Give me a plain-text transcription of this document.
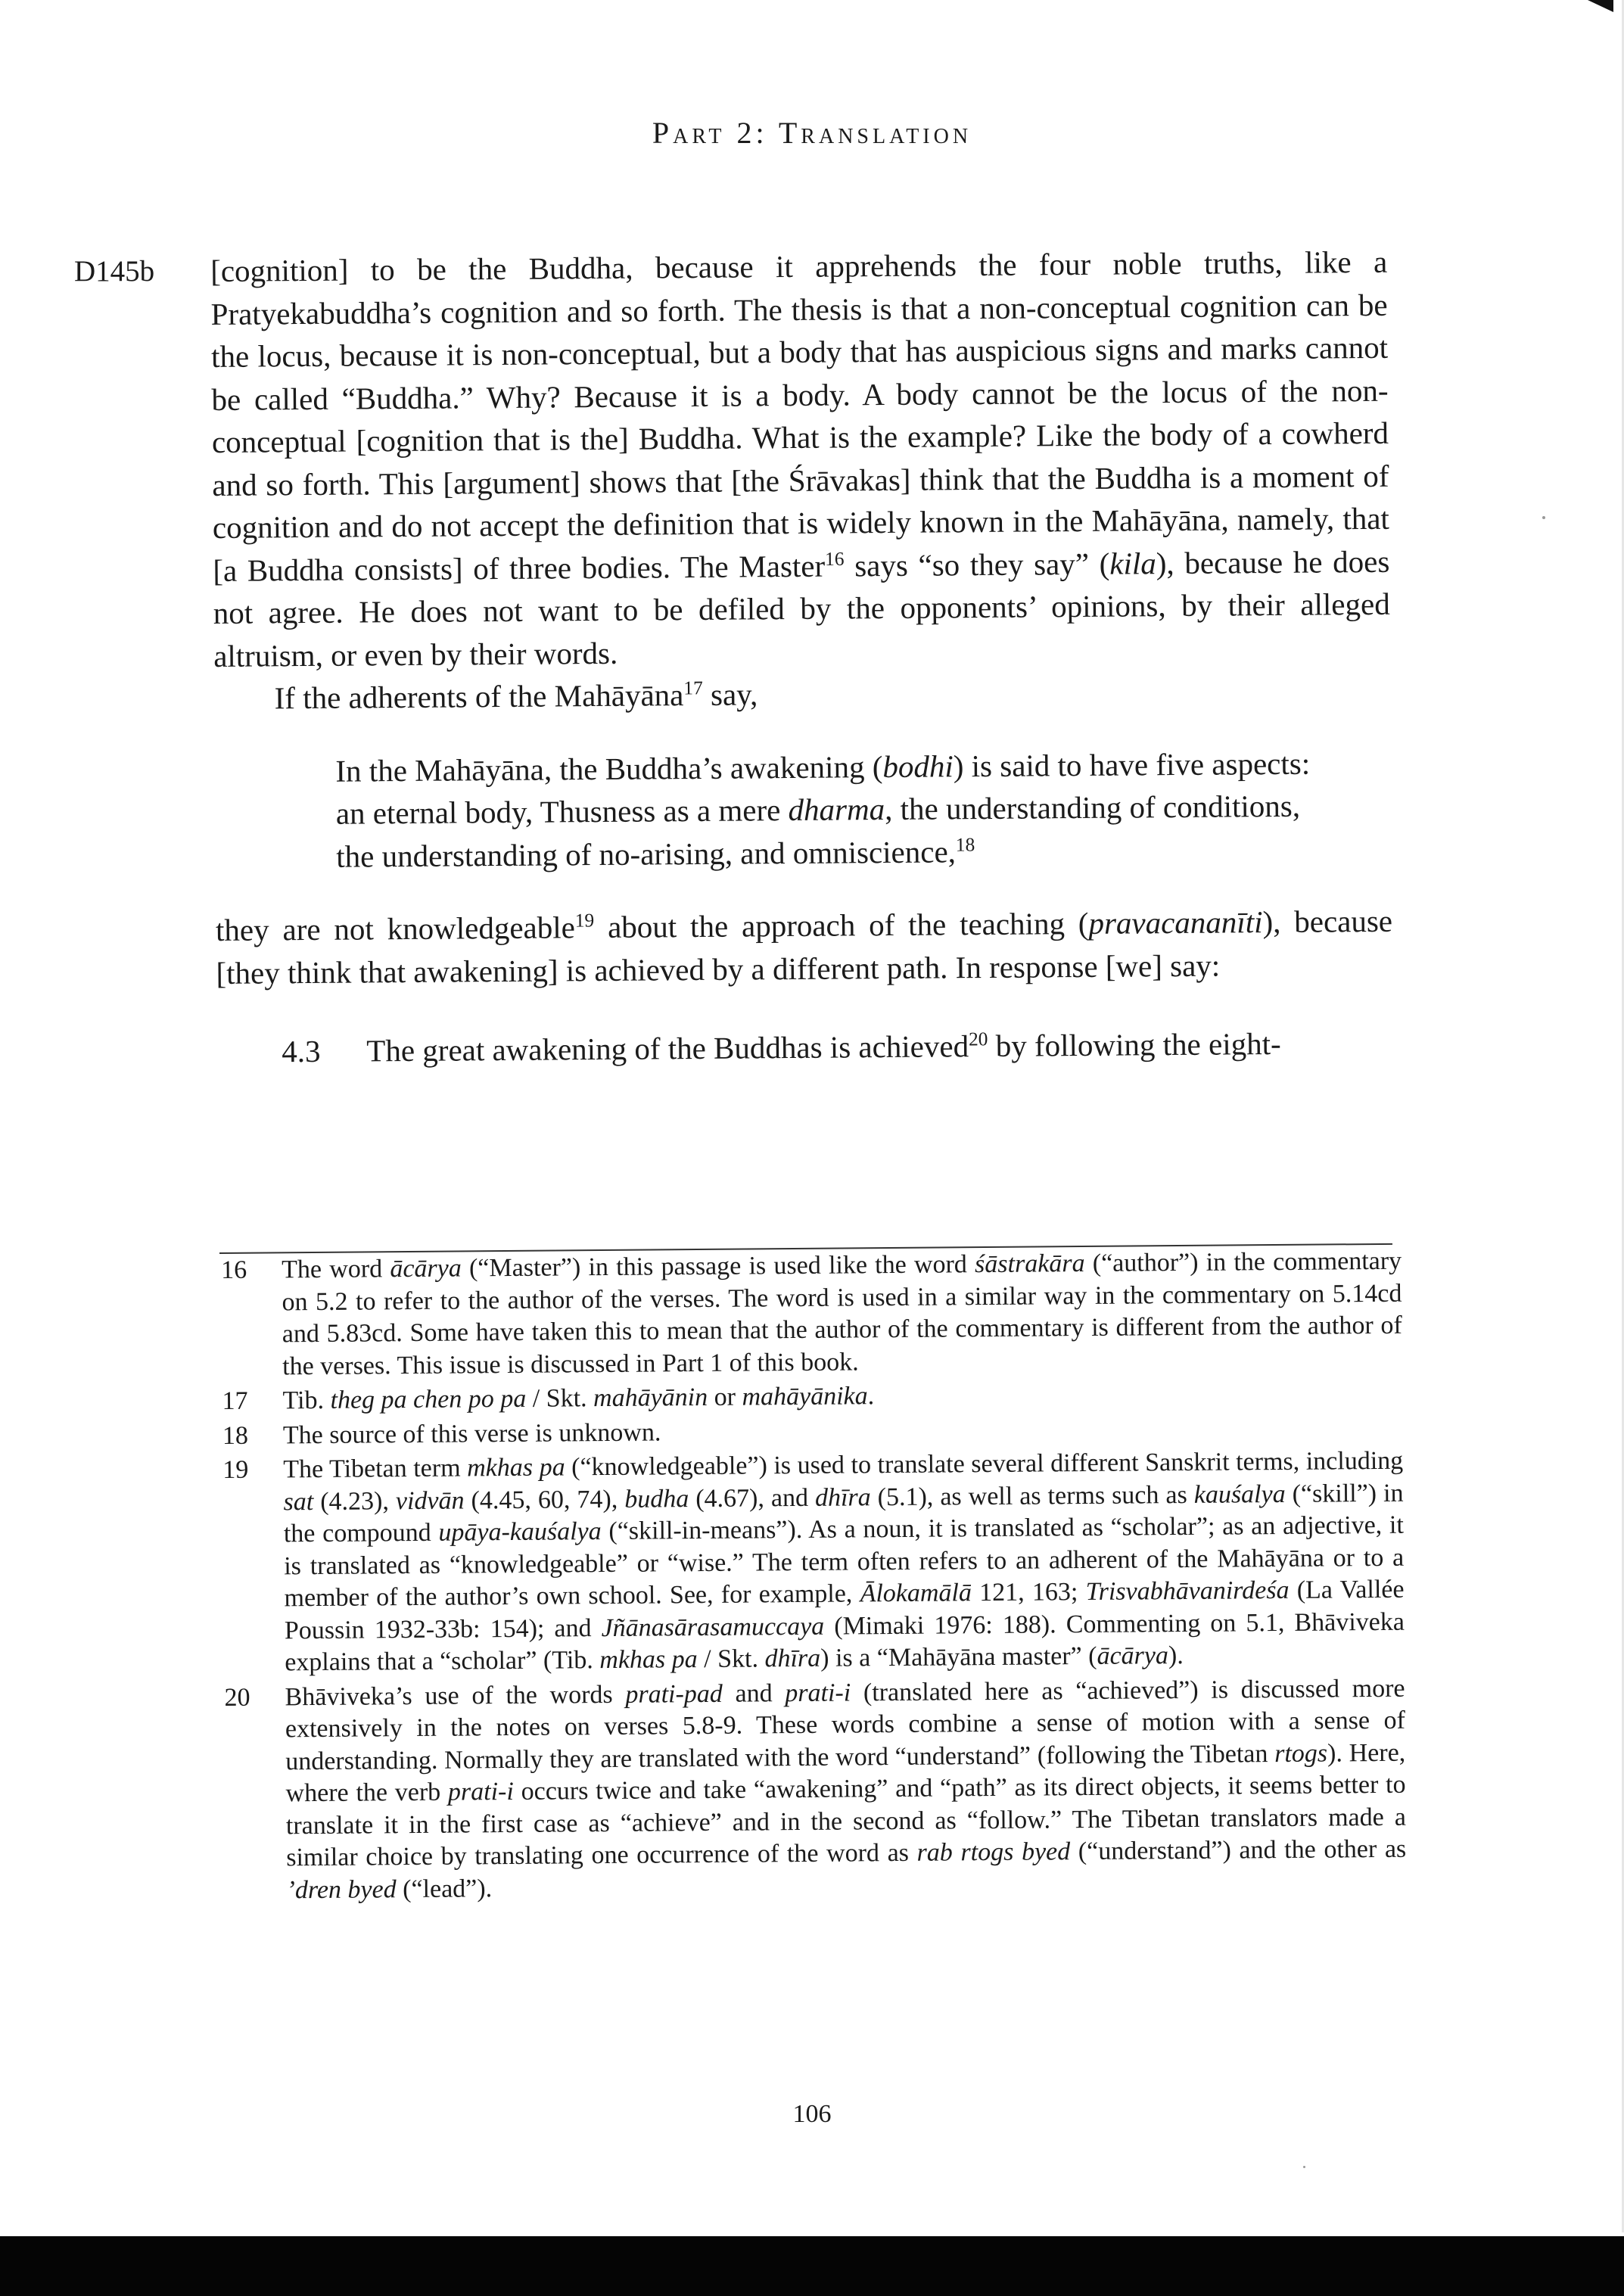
Part 2: Translation
D145b [cognition] to be the Buddha, because it apprehends the four noble truths, like a Pratyekabuddha’s cognition and so forth. The thesis is that a non-conceptual cognition can be the locus, because it is non-conceptual, but a body that has auspicious signs and marks cannot be called “Buddha.” Why? Because it is a body. A body cannot be the locus of the non-conceptual [cognition that is the] Buddha. What is the example? Like the body of a cowherd and so forth. This [argument] shows that [the Śrāvakas] think that the Buddha is a moment of cognition and do not accept the definition that is widely known in the Mahāyāna, namely, that [a Buddha consists] of three bodies. The Master$^{16}$ says “so they say” (kila), because he does not agree. He does not want to be defiled by the opponents’ opinions, by their alleged altruism, or even by their words.

If the adherents of the Mahāyāna$^{17}$ say,

In the Mahāyāna, the Buddha’s awakening (bodhi) is said to have five aspects: an eternal body, Thusness as a mere dharma, the understanding of conditions, the understanding of no-arising, and omniscience,$^{18}$

they are not knowledgeable$^{19}$ about the approach of the teaching (pravacananīti), because [they think that awakening] is achieved by a different path. In response [we] say:

4.3 The great awakening of the Buddhas is achieved$^{20}$ by following the eight-

16	The word ācārya (“Master”) in this passage is used like the word śāstrakāra (“author”) in the commentary on 5.2 to refer to the author of the verses. The word is used in a similar way in the commentary on 5.14cd and 5.83cd. Some have taken this to mean that the author of the commentary is different from the author of the verses. This issue is discussed in Part 1 of this book.
17	Tib. theg pa chen po pa / Skt. mahāyānin or mahāyānika.
18	The source of this verse is unknown.
19	The Tibetan term mkhas pa (“knowledgeable”) is used to translate several different Sanskrit terms, including sat (4.23), vidvān (4.45, 60, 74), budha (4.67), and dhīra (5.1), as well as terms such as kauśalya (“skill”) in the compound upāya-kauśalya (“skill-in-means”). As a noun, it is translated as “scholar”; as an adjective, it is translated as “knowledgeable” or “wise.” The term often refers to an adherent of the Mahāyāna or to a member of the author’s own school. See, for example, Ālokamālā 121, 163; Trisvabhāvanirdeśa (La Vallée Poussin 1932-33b: 154); and Jñānasārasamuccaya (Mimaki 1976: 188). Commenting on 5.1, Bhāviveka explains that a “scholar” (Tib. mkhas pa / Skt. dhīra) is a “Mahāyāna master” (ācārya).
20	Bhāviveka’s use of the words prati-pad and prati-i (translated here as “achieved”) is discussed more extensively in the notes on verses 5.8-9. These words combine a sense of motion with a sense of understanding. Normally they are translated with the word “understand” (following the Tibetan rtogs). Here, where the verb prati-i occurs twice and take “awakening” and “path” as its direct objects, it seems better to translate it in the first case as “achieve” and in the second as “follow.” The Tibetan translators made a similar choice by translating one occurrence of the word as rab rtogs byed (“understand”) and the other as ’dren byed (“lead”).
106
